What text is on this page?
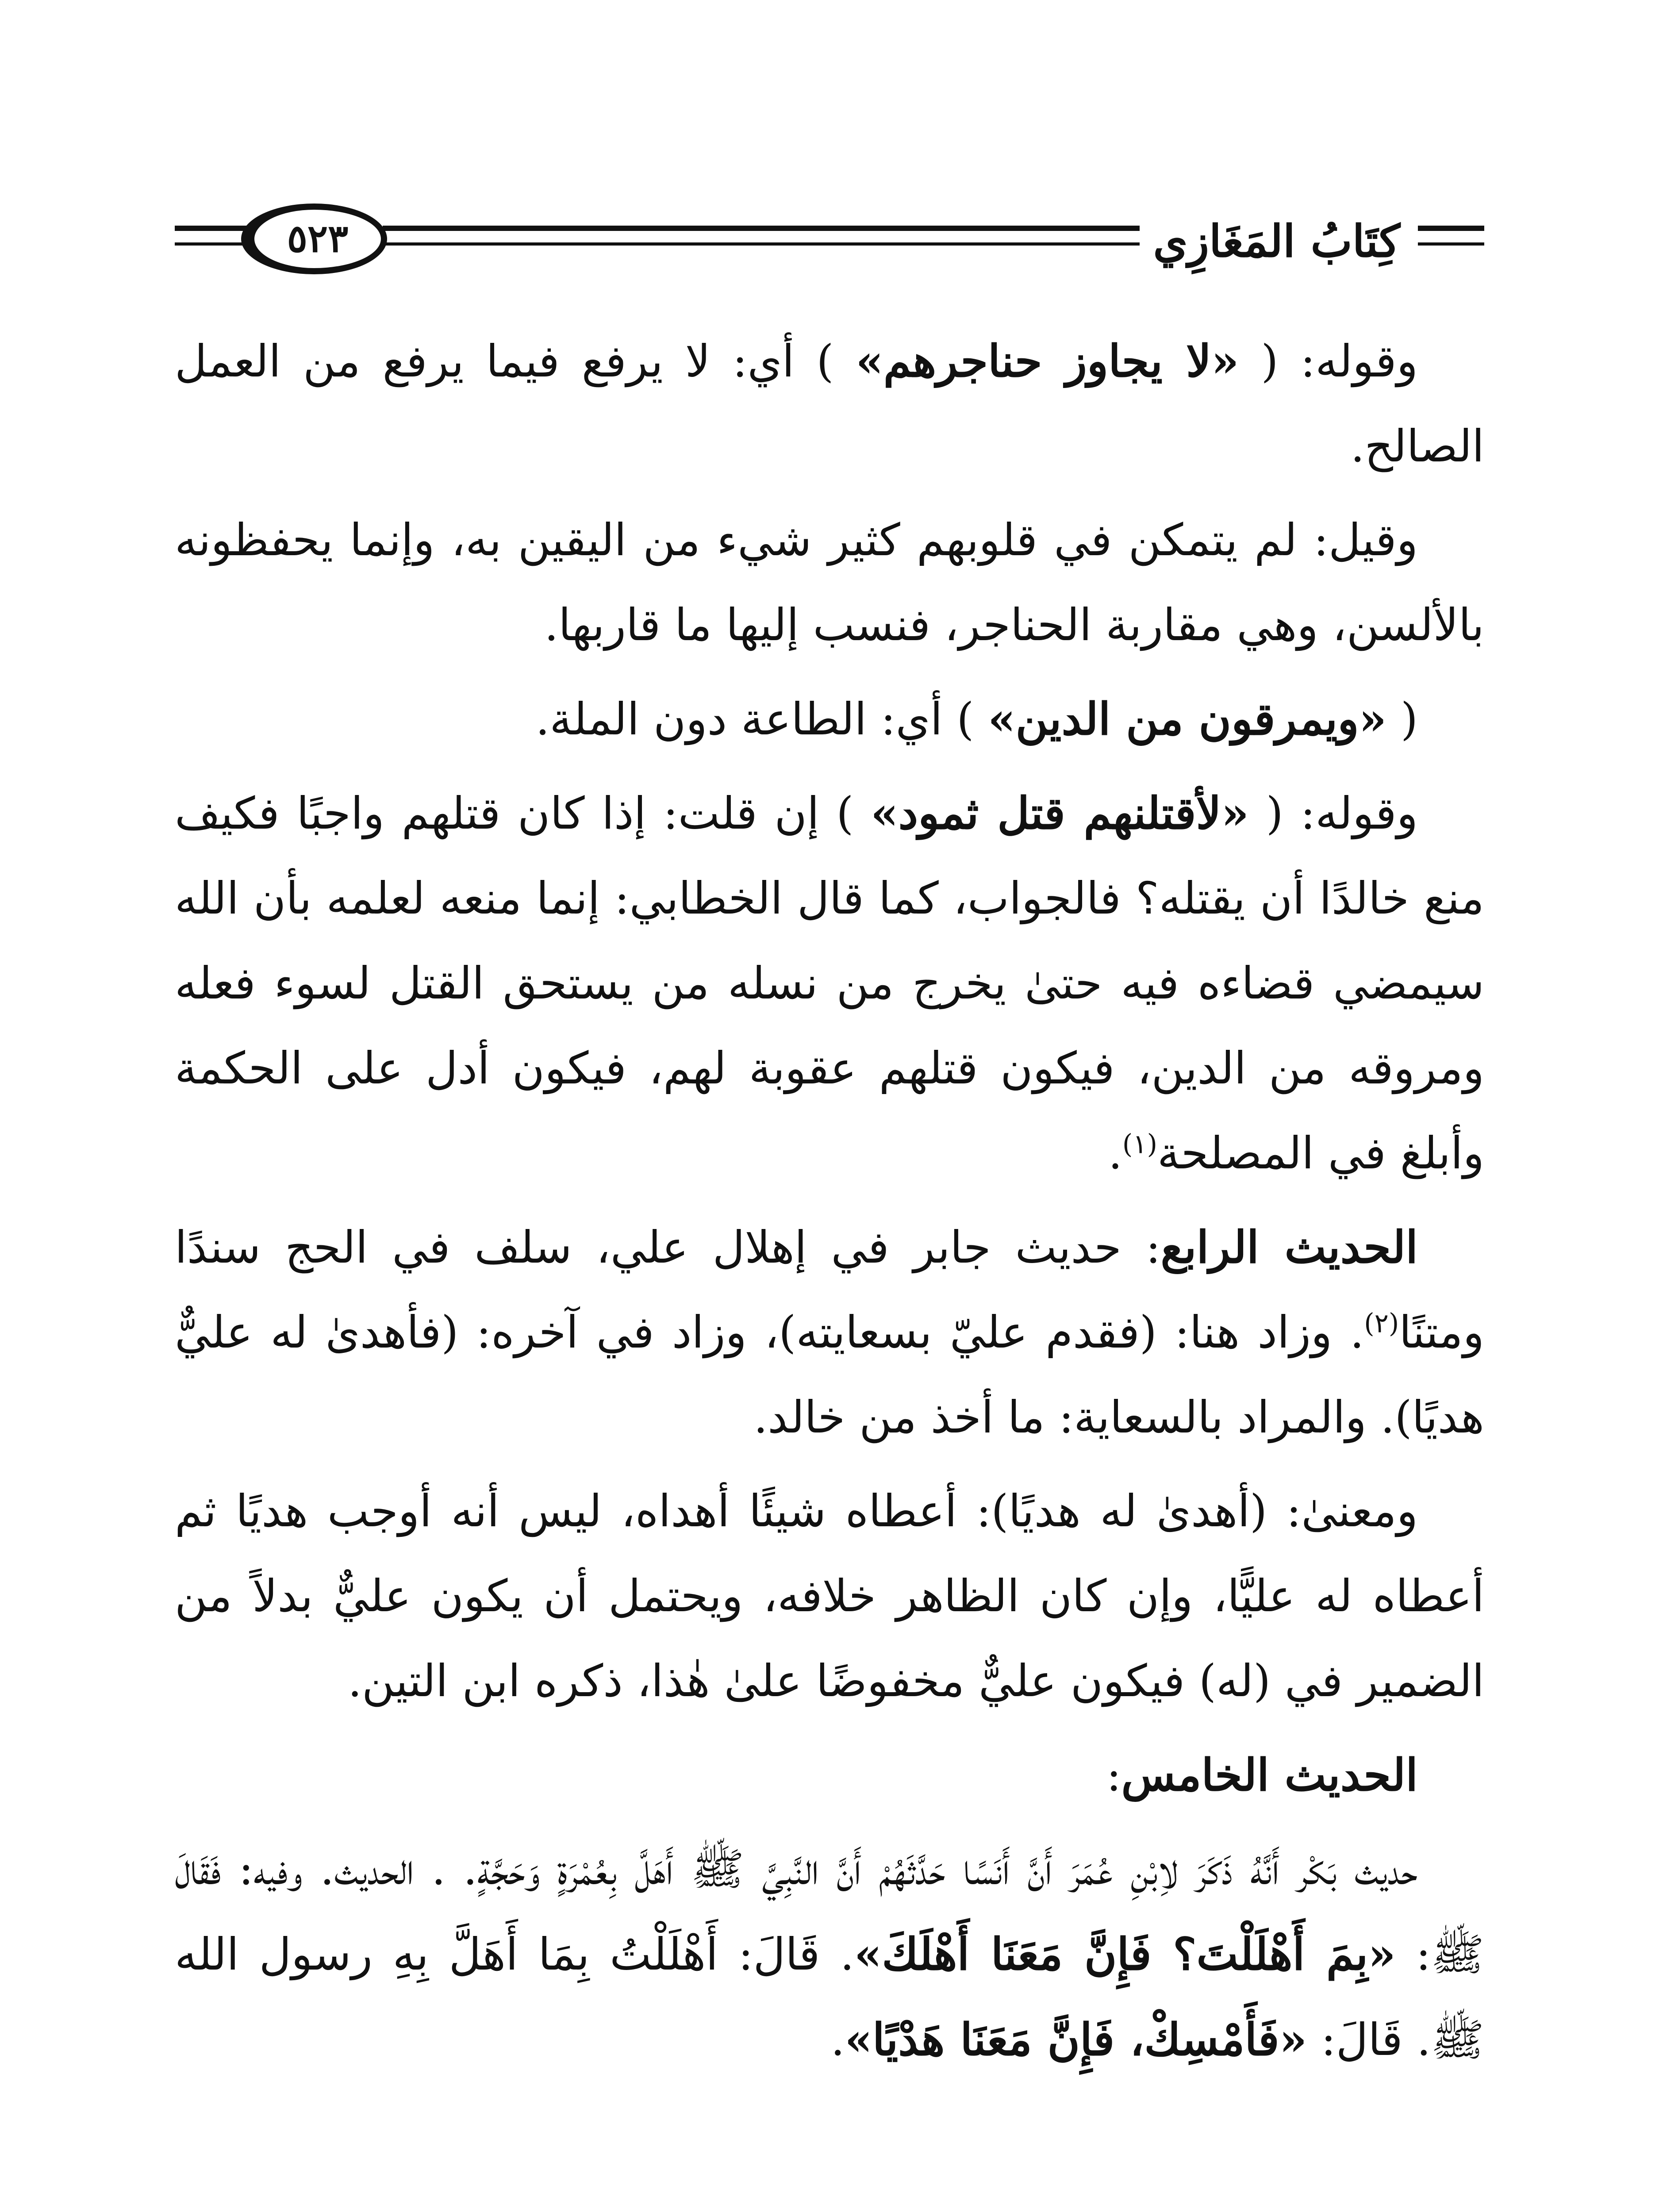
٥٢٣	كِتَابُ المَغَازِي

وقوله: ( «لا يجاوز حناجرهم» ) أي: لا يرفع فيما يرفع من العمل الصالح.

وقيل: لم يتمكن في قلوبهم كثير شيء من اليقين به، وإنما يحفظونه بالألسن، وهي مقاربة الحناجر، فنسب إليها ما قاربها.

( «ويمرقون من الدين» ) أي: الطاعة دون الملة.

وقوله: ( «لأقتلنهم قتل ثمود» ) إن قلت: إذا كان قتلهم واجبًا فكيف منع خالدًا أن يقتله؟ فالجواب، كما قال الخطابي: إنما منعه لعلمه بأن الله سيمضي قضاءه فيه حتىٰ يخرج من نسله من يستحق القتل لسوء فعله ومروقه من الدين، فيكون قتلهم عقوبة لهم، فيكون أدل على الحكمة وأبلغ في المصلحة$^{(١)}$.

الحديث الرابع: حديث جابر في إهلال علي، سلف في الحج سندًا ومتنًا$^{(٢)}$. وزاد هنا: (فقدم عليّ بسعايته)، وزاد في آخره: (فأهدىٰ له عليٌّ هديًا). والمراد بالسعاية: ما أخذ من خالد.

ومعنىٰ: (أهدىٰ له هديًا): أعطاه شيئًا أهداه، ليس أنه أوجب هديًا ثم أعطاه له عليًّا، وإن كان الظاهر خلافه، ويحتمل أن يكون عليٌّ بدلاً من الضمير في (له) فيكون عليٌّ مخفوضًا علىٰ هٰذا، ذكره ابن التين.

الحديث الخامس:

حديث بَكْر أَنَّهُ ذَكَرَ لاِبْنِ عُمَرَ أَنَّ أَنَسًا حَدَّثَهُمْ أَنَّ النَّبِيَّ ﷺ أَهَلَّ بِعُمْرَةٍ وَحَجَّةٍ. . الحديث. وفيه: فَقَالَ ﷺ: «بِمَ أَهْلَلْتَ؟ فَإِنَّ مَعَنَا أَهْلَكَ». قَالَ: أَهْلَلْتُ بِمَا أَهَلَّ بِهِ رسول الله ﷺ. قَالَ: «فَأَمْسِكْ، فَإِنَّ مَعَنَا هَدْيًا».
